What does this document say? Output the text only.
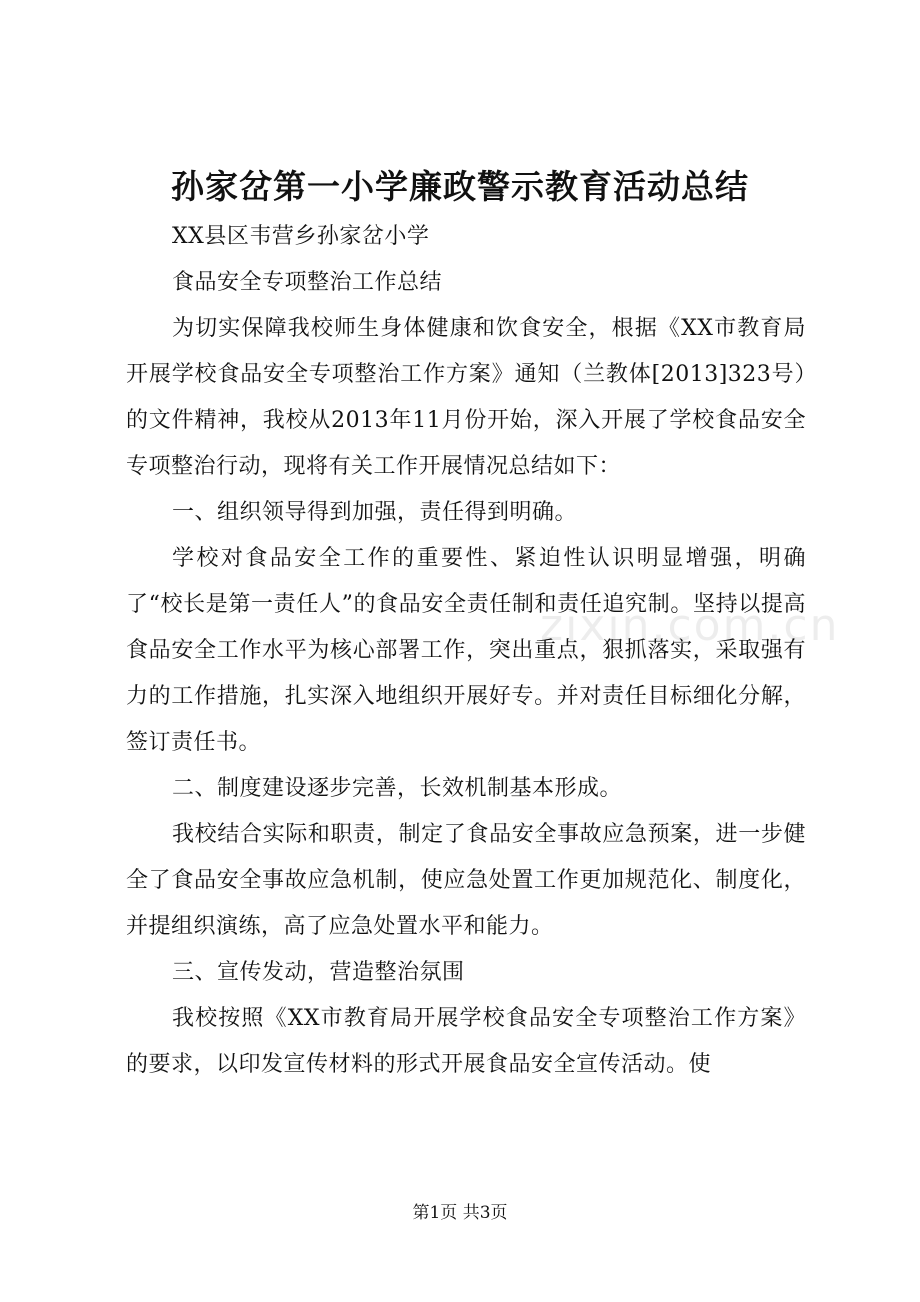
孙家岔第一小学廉政警示教育活动总结

XX县区韦营乡孙家岔小学

食品安全专项整治工作总结

为切实保障我校师生身体健康和饮食安全，根据《XX市教育局开展学校食品安全专项整治工作方案》通知（兰教体[2013]323号）的文件精神，我校从2013年11月份开始，深入开展了学校食品安全专项整治行动，现将有关工作开展情况总结如下：

一、组织领导得到加强，责任得到明确。

学校对食品安全工作的重要性、紧迫性认识明显增强，明确了“校长是第一责任人”的食品安全责任制和责任追究制。坚持以提高食品安全工作水平为核心部署工作，突出重点，狠抓落实，采取强有力的工作措施，扎实深入地组织开展好专。并对责任目标细化分解，签订责任书。

二、制度建设逐步完善，长效机制基本形成。

我校结合实际和职责，制定了食品安全事故应急预案，进一步健全了食品安全事故应急机制，使应急处置工作更加规范化、制度化，并提组织演练，高了应急处置水平和能力。

三、宣传发动，营造整治氛围

我校按照《XX市教育局开展学校食品安全专项整治工作方案》的要求，以印发宣传材料的形式开展食品安全宣传活动。使

zixin.com.cn
第1页 共3页
